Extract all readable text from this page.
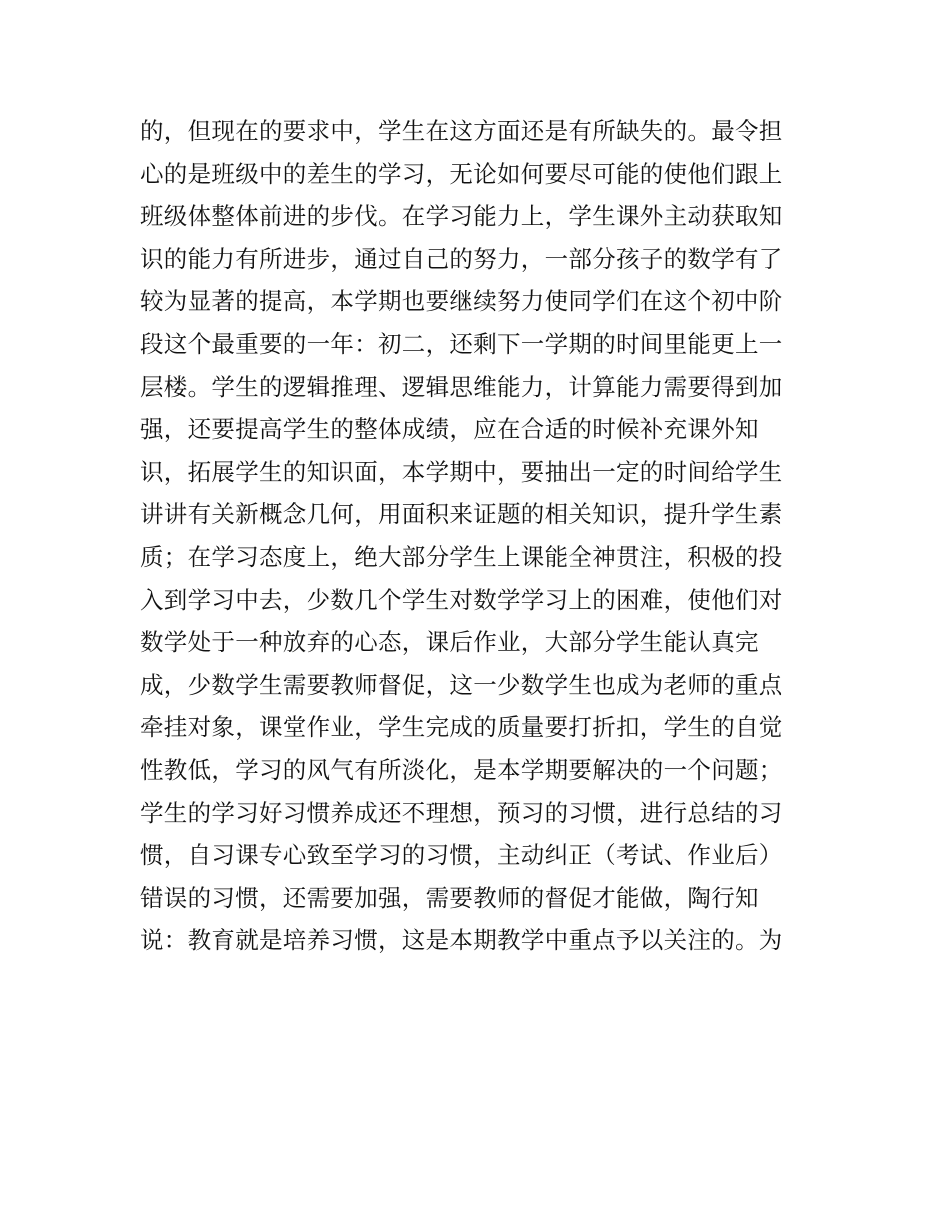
的，但现在的要求中，学生在这方面还是有所缺失的。最令担
心的是班级中的差生的学习，无论如何要尽可能的使他们跟上
班级体整体前进的步伐。在学习能力上，学生课外主动获取知
识的能力有所进步，通过自己的努力，一部分孩子的数学有了
较为显著的提高，本学期也要继续努力使同学们在这个初中阶
段这个最重要的一年：初二，还剩下一学期的时间里能更上一
层楼。学生的逻辑推理、逻辑思维能力，计算能力需要得到加
强，还要提高学生的整体成绩，应在合适的时候补充课外知
识，拓展学生的知识面，本学期中，要抽出一定的时间给学生
讲讲有关新概念几何，用面积来证题的相关知识，提升学生素
质；在学习态度上，绝大部分学生上课能全神贯注，积极的投
入到学习中去，少数几个学生对数学学习上的困难，使他们对
数学处于一种放弃的心态，课后作业，大部分学生能认真完
成，少数学生需要教师督促，这一少数学生也成为老师的重点
牵挂对象，课堂作业，学生完成的质量要打折扣，学生的自觉
性教低，学习的风气有所淡化，是本学期要解决的一个问题；
学生的学习好习惯养成还不理想，预习的习惯，进行总结的习
惯，自习课专心致至学习的习惯，主动纠正（考试、作业后）
错误的习惯，还需要加强，需要教师的督促才能做，陶行知
说：教育就是培养习惯，这是本期教学中重点予以关注的。为
